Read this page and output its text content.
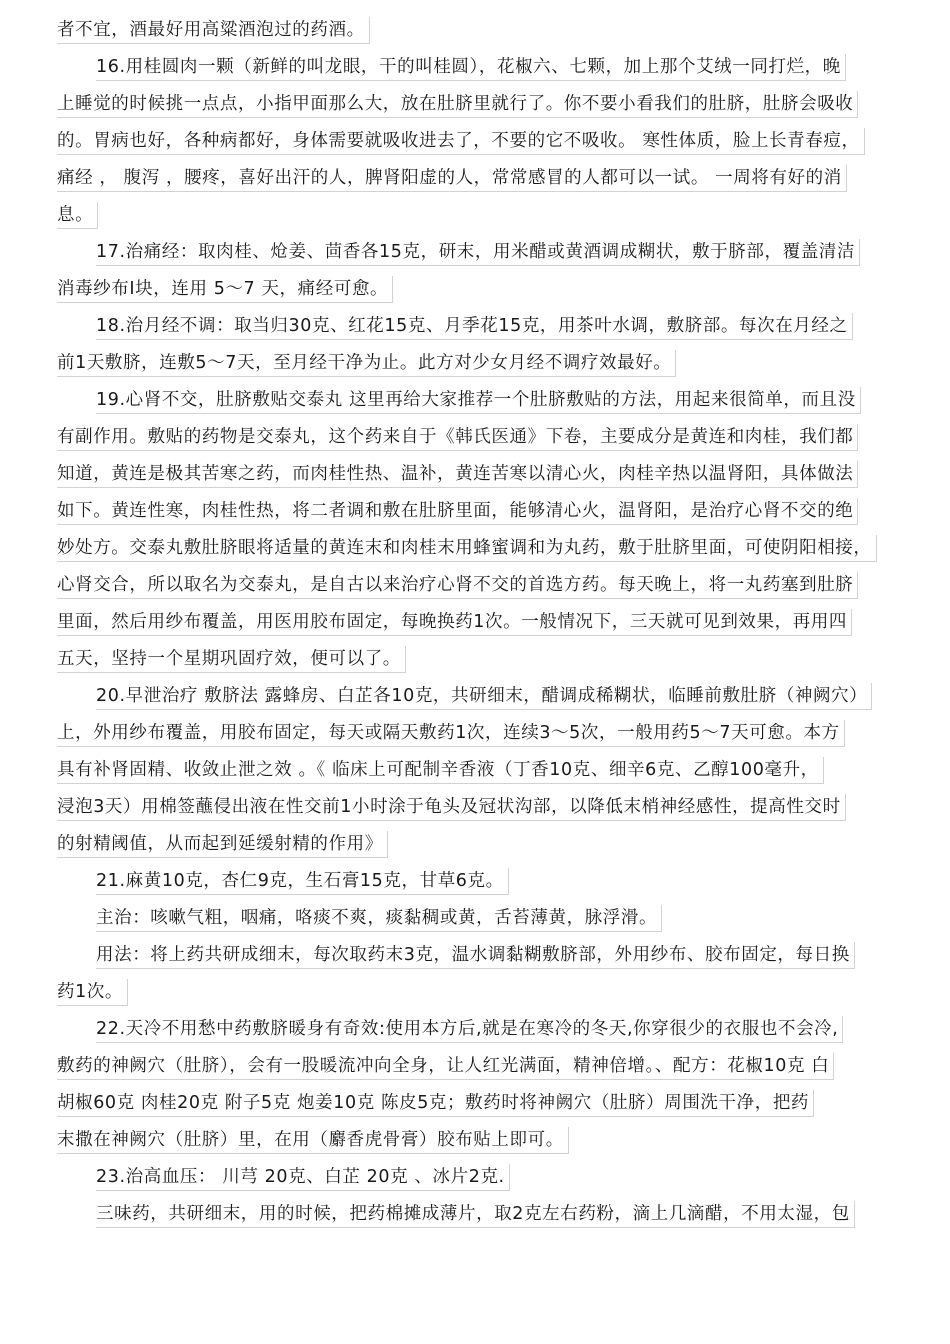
者不宜，酒最好用高粱酒泡过的药酒。
16.用桂圆肉一颗（新鲜的叫龙眼，干的叫桂圆），花椒六、七颗，加上那个艾绒一同打烂，晚
上睡觉的时候挑一点点，小指甲面那么大，放在肚脐里就行了。你不要小看我们的肚脐，肚脐会吸收
的。胃病也好，各种病都好，身体需要就吸收进去了，不要的它不吸收。 寒性体质，脸上长青春痘，
痛经 ， 腹泻 ，腰疼，喜好出汗的人，脾肾阳虚的人，常常感冒的人都可以一试。 一周将有好的消
息。
17.治痛经：取肉桂、炝姜、茴香各15克，研末，用米醋或黄酒调成糊状，敷于脐部，覆盖清洁
消毒纱布Ⅰ块，连用 5～7 天，痛经可愈。
18.治月经不调：取当归30克、红花15克、月季花15克，用茶叶水调，敷脐部。每次在月经之
前1天敷脐，连敷5～7天，至月经干净为止。此方对少女月经不调疗效最好。
19.心肾不交，肚脐敷贴交泰丸 这里再给大家推荐一个肚脐敷贴的方法，用起来很简单，而且没
有副作用。敷贴的药物是交泰丸，这个药来自于《韩氏医通》下卷，主要成分是黄连和肉桂，我们都
知道，黄连是极其苦寒之药，而肉桂性热、温补，黄连苦寒以清心火，肉桂辛热以温肾阳，具体做法
如下。黄连性寒，肉桂性热，将二者调和敷在肚脐里面，能够清心火，温肾阳，是治疗心肾不交的绝
妙处方。交泰丸敷肚脐眼将适量的黄连末和肉桂末用蜂蜜调和为丸药，敷于肚脐里面，可使阴阳相接，
心肾交合，所以取名为交泰丸，是自古以来治疗心肾不交的首选方药。每天晚上，将一丸药塞到肚脐
里面，然后用纱布覆盖，用医用胶布固定，每晚换药1次。一般情况下，三天就可见到效果，再用四
五天，坚持一个星期巩固疗效，便可以了。
20.早泄治疗 敷脐法 露蜂房、白芷各10克，共研细末，醋调成稀糊状，临睡前敷肚脐（神阙穴）
上，外用纱布覆盖，用胶布固定，每天或隔天敷药1次，连续3～5次，一般用药5～7天可愈。本方
具有补肾固精、收敛止泄之效 。《 临床上可配制辛香液（丁香10克、细辛6克、乙醇100毫升，
浸泡3天）用棉签蘸侵出液在性交前1小时涂于龟头及冠状沟部，以降低末梢神经感性，提高性交时
的射精阈值，从而起到延缓射精的作用》
21.麻黄10克，杏仁9克，生石膏15克，甘草6克。
主治：咳嗽气粗，咽痛，咯痰不爽，痰黏稠或黄，舌苔薄黄，脉浮滑。
用法：将上药共研成细末，每次取药末3克，温水调黏糊敷脐部，外用纱布、胶布固定，每日换
药1次。
22.天冷不用愁中药敷脐暖身有奇效:使用本方后,就是在寒冷的冬天,你穿很少的衣服也不会冷,
敷药的神阙穴（肚脐），会有一股暖流冲向全身，让人红光满面，精神倍增。、配方：花椒10克 白
胡椒60克 肉桂20克 附子5克 炮姜10克 陈皮5克；敷药时将神阙穴（肚脐）周围洗干净，把药
末撒在神阙穴（肚脐）里，在用（麝香虎骨膏）胶布贴上即可。
23.治高血压： 川芎 20克、白芷 20克 、冰片2克.
三味药，共研细末，用的时候，把药棉摊成薄片，取2克左右药粉，滴上几滴醋，不用太湿，包
